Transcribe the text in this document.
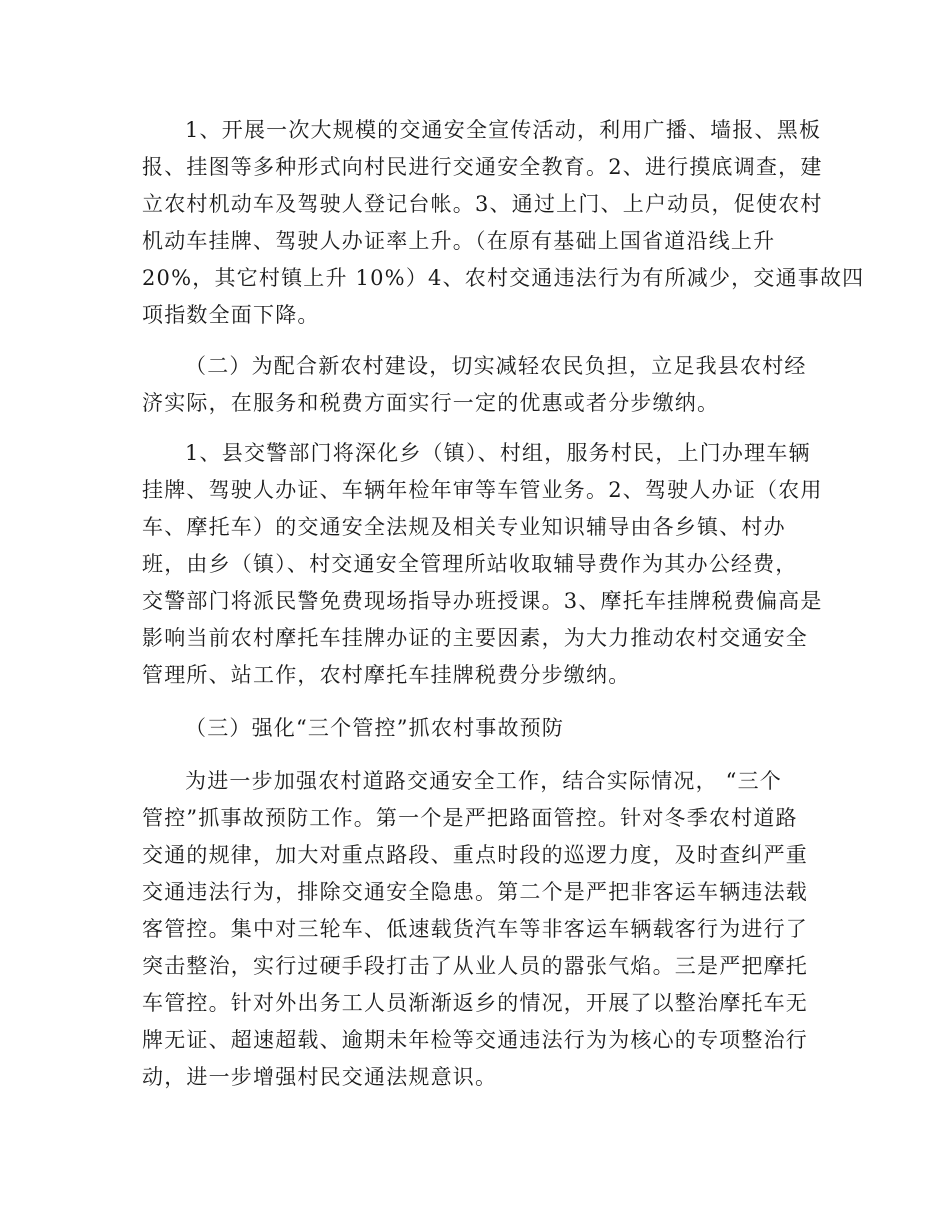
1、开展一次大规模的交通安全宣传活动，利用广播、墙报、黑板
报、挂图等多种形式向村民进行交通安全教育。2、进行摸底调查，建
立农村机动车及驾驶人登记台帐。3、通过上门、上户动员，促使农村
机动车挂牌、驾驶人办证率上升。（在原有基础上国省道沿线上升
20%，其它村镇上升 10%）4、农村交通违法行为有所减少，交通事故四
项指数全面下降。
（二）为配合新农村建设，切实减轻农民负担，立足我县农村经
济实际，在服务和税费方面实行一定的优惠或者分步缴纳。
1、县交警部门将深化乡（镇）、村组，服务村民，上门办理车辆
挂牌、驾驶人办证、车辆年检年审等车管业务。2、驾驶人办证（农用
车、摩托车）的交通安全法规及相关专业知识辅导由各乡镇、村办
班，由乡（镇）、村交通安全管理所站收取辅导费作为其办公经费，
交警部门将派民警免费现场指导办班授课。3、摩托车挂牌税费偏高是
影响当前农村摩托车挂牌办证的主要因素，为大力推动农村交通安全
管理所、站工作，农村摩托车挂牌税费分步缴纳。
（三）强化“三个管控”抓农村事故预防
为进一步加强农村道路交通安全工作，结合实际情况， “三个
管控”抓事故预防工作。第一个是严把路面管控。针对冬季农村道路
交通的规律，加大对重点路段、重点时段的巡逻力度，及时查纠严重
交通违法行为，排除交通安全隐患。第二个是严把非客运车辆违法载
客管控。集中对三轮车、低速载货汽车等非客运车辆载客行为进行了
突击整治，实行过硬手段打击了从业人员的嚣张气焰。三是严把摩托
车管控。针对外出务工人员渐渐返乡的情况，开展了以整治摩托车无
牌无证、超速超载、逾期未年检等交通违法行为为核心的专项整治行
动，进一步增强村民交通法规意识。
